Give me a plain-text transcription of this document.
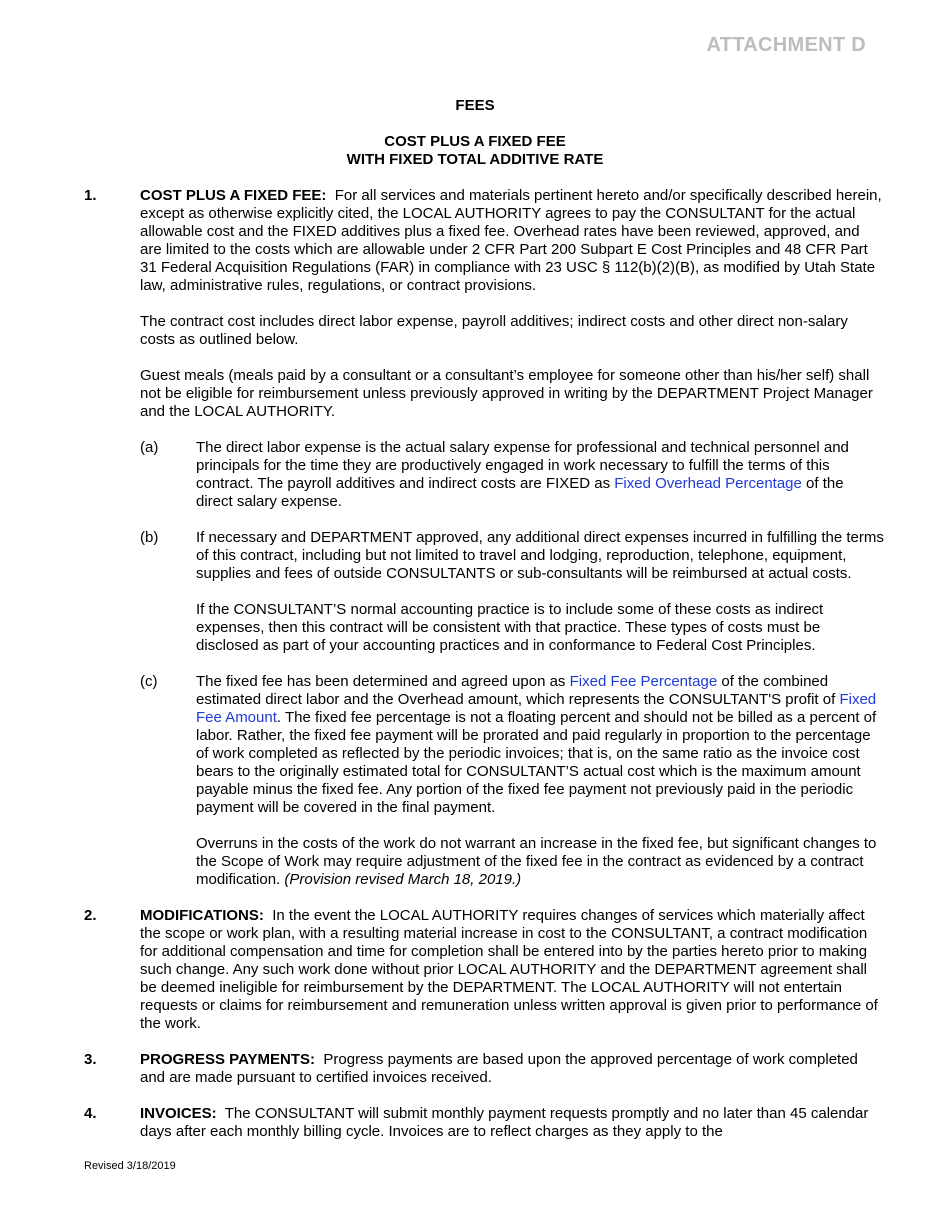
ATTACHMENT D
FEES
COST PLUS A FIXED FEE
WITH FIXED TOTAL ADDITIVE RATE
1.	COST PLUS A FIXED FEE: For all services and materials pertinent hereto and/or specifically described herein, except as otherwise explicitly cited, the LOCAL AUTHORITY agrees to pay the CONSULTANT for the actual allowable cost and the FIXED additives plus a fixed fee. Overhead rates have been reviewed, approved, and are limited to the costs which are allowable under 2 CFR Part 200 Subpart E Cost Principles and 48 CFR Part 31 Federal Acquisition Regulations (FAR) in compliance with 23 USC § 112(b)(2)(B), as modified by Utah State law, administrative rules, regulations, or contract provisions.

The contract cost includes direct labor expense, payroll additives; indirect costs and other direct non-salary costs as outlined below.

Guest meals (meals paid by a consultant or a consultant’s employee for someone other than his/her self) shall not be eligible for reimbursement unless previously approved in writing by the DEPARTMENT Project Manager and the LOCAL AUTHORITY.

(a)	The direct labor expense is the actual salary expense for professional and technical personnel and principals for the time they are productively engaged in work necessary to fulfill the terms of this contract. The payroll additives and indirect costs are FIXED as Fixed Overhead Percentage of the direct salary expense.

(b)	If necessary and DEPARTMENT approved, any additional direct expenses incurred in fulfilling the terms of this contract, including but not limited to travel and lodging, reproduction, telephone, equipment, supplies and fees of outside CONSULTANTS or sub-consultants will be reimbursed at actual costs.

If the CONSULTANT’S normal accounting practice is to include some of these costs as indirect expenses, then this contract will be consistent with that practice. These types of costs must be disclosed as part of your accounting practices and in conformance to Federal Cost Principles.

(c)	The fixed fee has been determined and agreed upon as Fixed Fee Percentage of the combined estimated direct labor and the Overhead amount, which represents the CONSULTANT'S profit of Fixed Fee Amount. The fixed fee percentage is not a floating percent and should not be billed as a percent of labor. Rather, the fixed fee payment will be prorated and paid regularly in proportion to the percentage of work completed as reflected by the periodic invoices; that is, on the same ratio as the invoice cost bears to the originally estimated total for CONSULTANT’S actual cost which is the maximum amount payable minus the fixed fee. Any portion of the fixed fee payment not previously paid in the periodic payment will be covered in the final payment.

Overruns in the costs of the work do not warrant an increase in the fixed fee, but significant changes to the Scope of Work may require adjustment of the fixed fee in the contract as evidenced by a contract modification. (Provision revised March 18, 2019.)

2.	MODIFICATIONS: In the event the LOCAL AUTHORITY requires changes of services which materially affect the scope or work plan, with a resulting material increase in cost to the CONSULTANT, a contract modification for additional compensation and time for completion shall be entered into by the parties hereto prior to making such change. Any such work done without prior LOCAL AUTHORITY and the DEPARTMENT agreement shall be deemed ineligible for reimbursement by the DEPARTMENT. The LOCAL AUTHORITY will not entertain requests or claims for reimbursement and remuneration unless written approval is given prior to performance of the work.

3.	PROGRESS PAYMENTS: Progress payments are based upon the approved percentage of work completed and are made pursuant to certified invoices received.

4.	INVOICES: The CONSULTANT will submit monthly payment requests promptly and no later than 45 calendar days after each monthly billing cycle. Invoices are to reflect charges as they apply to the

Revised 3/18/2019
